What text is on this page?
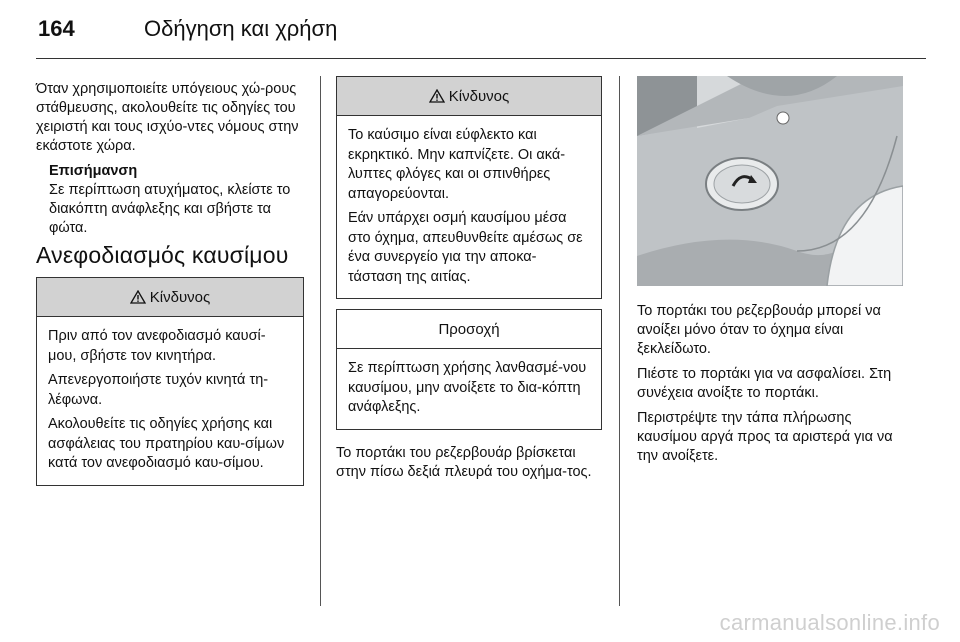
164	Οδήγηση και χρήση

Όταν χρησιμοποιείτε υπόγειους χώ-ρους στάθμευσης, ακολουθείτε τις οδηγίες του χειριστή και τους ισχύο-ντες νόμους στην εκάστοτε χώρα.

Επισήμανση
Σε περίπτωση ατυχήματος, κλείστε το διακόπτη ανάφλεξης και σβήστε τα φώτα.
Ανεφοδιασμός καυσίμου
Κίνδυνος

Πριν από τον ανεφοδιασμό καυσί-μου, σβήστε τον κινητήρα.

Απενεργοποιήστε τυχόν κινητά τη-λέφωνα.

Ακολουθείτε τις οδηγίες χρήσης και ασφάλειας του πρατηρίου καυ-σίμων κατά τον ανεφοδιασμό καυ-σίμου.

Κίνδυνος

Το καύσιμο είναι εύφλεκτο και εκρηκτικό. Μην καπνίζετε. Οι ακά-λυπτες φλόγες και οι σπινθήρες απαγορεύονται.

Εάν υπάρχει οσμή καυσίμου μέσα στο όχημα, απευθυνθείτε αμέσως σε ένα συνεργείο για την αποκα-τάσταση της αιτίας.

Προσοχή

Σε περίπτωση χρήσης λανθασμέ-νου καυσίμου, μην ανοίξετε το δια-κόπτη ανάφλεξης.

Το πορτάκι του ρεζερβουάρ βρίσκεται στην πίσω δεξιά πλευρά του οχήμα-τος.

Το πορτάκι του ρεζερβουάρ μπορεί να ανοίξει μόνο όταν το όχημα είναι ξεκλείδωτο.

Πιέστε το πορτάκι για να ασφαλίσει. Στη συνέχεια ανοίξτε το πορτάκι.

Περιστρέψτε την τάπα πλήρωσης καυσίμου αργά προς τα αριστερά για να την ανοίξετε.

carmanualsonline.info
